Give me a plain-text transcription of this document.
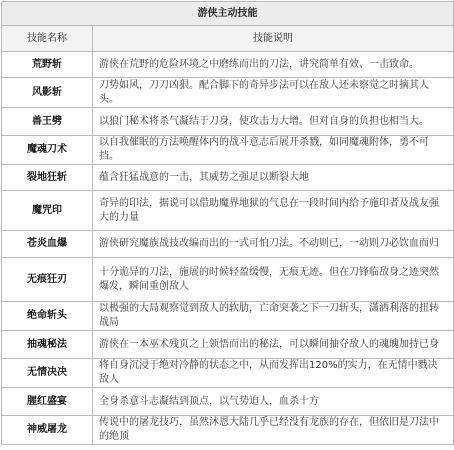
游侠主动技能	
技能名称	技能说明
荒野斩	游侠在荒野的危险环境之中磨练而出的刀法，讲究简单有效、一击致命。
风影斩	刀势如风，刀刀凶狠。配合脚下的奇异步法可以在敌人还未察觉之时摘其人头。
兽王劈	以狼门秘术将杀气凝结于刀身，使攻击力大增。但对自身的负担也相当大。
魔魂刀术	以自我催眠的方法唤醒体内的战斗意志后展开杀戮，如同魔魂附体，勇不可挡。
裂地狂斩	蕴含狂猛战意的一击，其威势之强足以断裂大地
魔咒印	奇异的印法，据说可以借助魔界地狱的气息在一段时间内给予施印者及战友强大的力量
苍炎血爆	游侠研究魔族战技改编而出的一式可怕刀法。不动则已，一动则刀必饮血而归
无痕狂刃	十分诡异的刀法，施展的时候轻盈缓慢，无痕无迹。但在刀锋临敌身之迹突然爆发，瞬间重创敌人
绝命斩头	以极强的大局观察觉到敌人的软肋，亡命突袭之下一刀斩头，潇洒利落的扭转战局
抽魂秘法	游侠在一本巫术残页之上领悟而出的秘法，可以瞬间抽夺敌人的魂魄加持已身
无情决决	将自身沉浸于绝对冷静的状态之中，从而发挥出120%的实力，在无情中戮决敌人
腥红盛宴	全身杀意斗志凝结到顶点，以气势迫人，血杀十方
神威屠龙	传说中的屠龙技巧，虽然沐恩大陆几乎已经没有龙族的存在，但依旧是刀法中的绝顶
